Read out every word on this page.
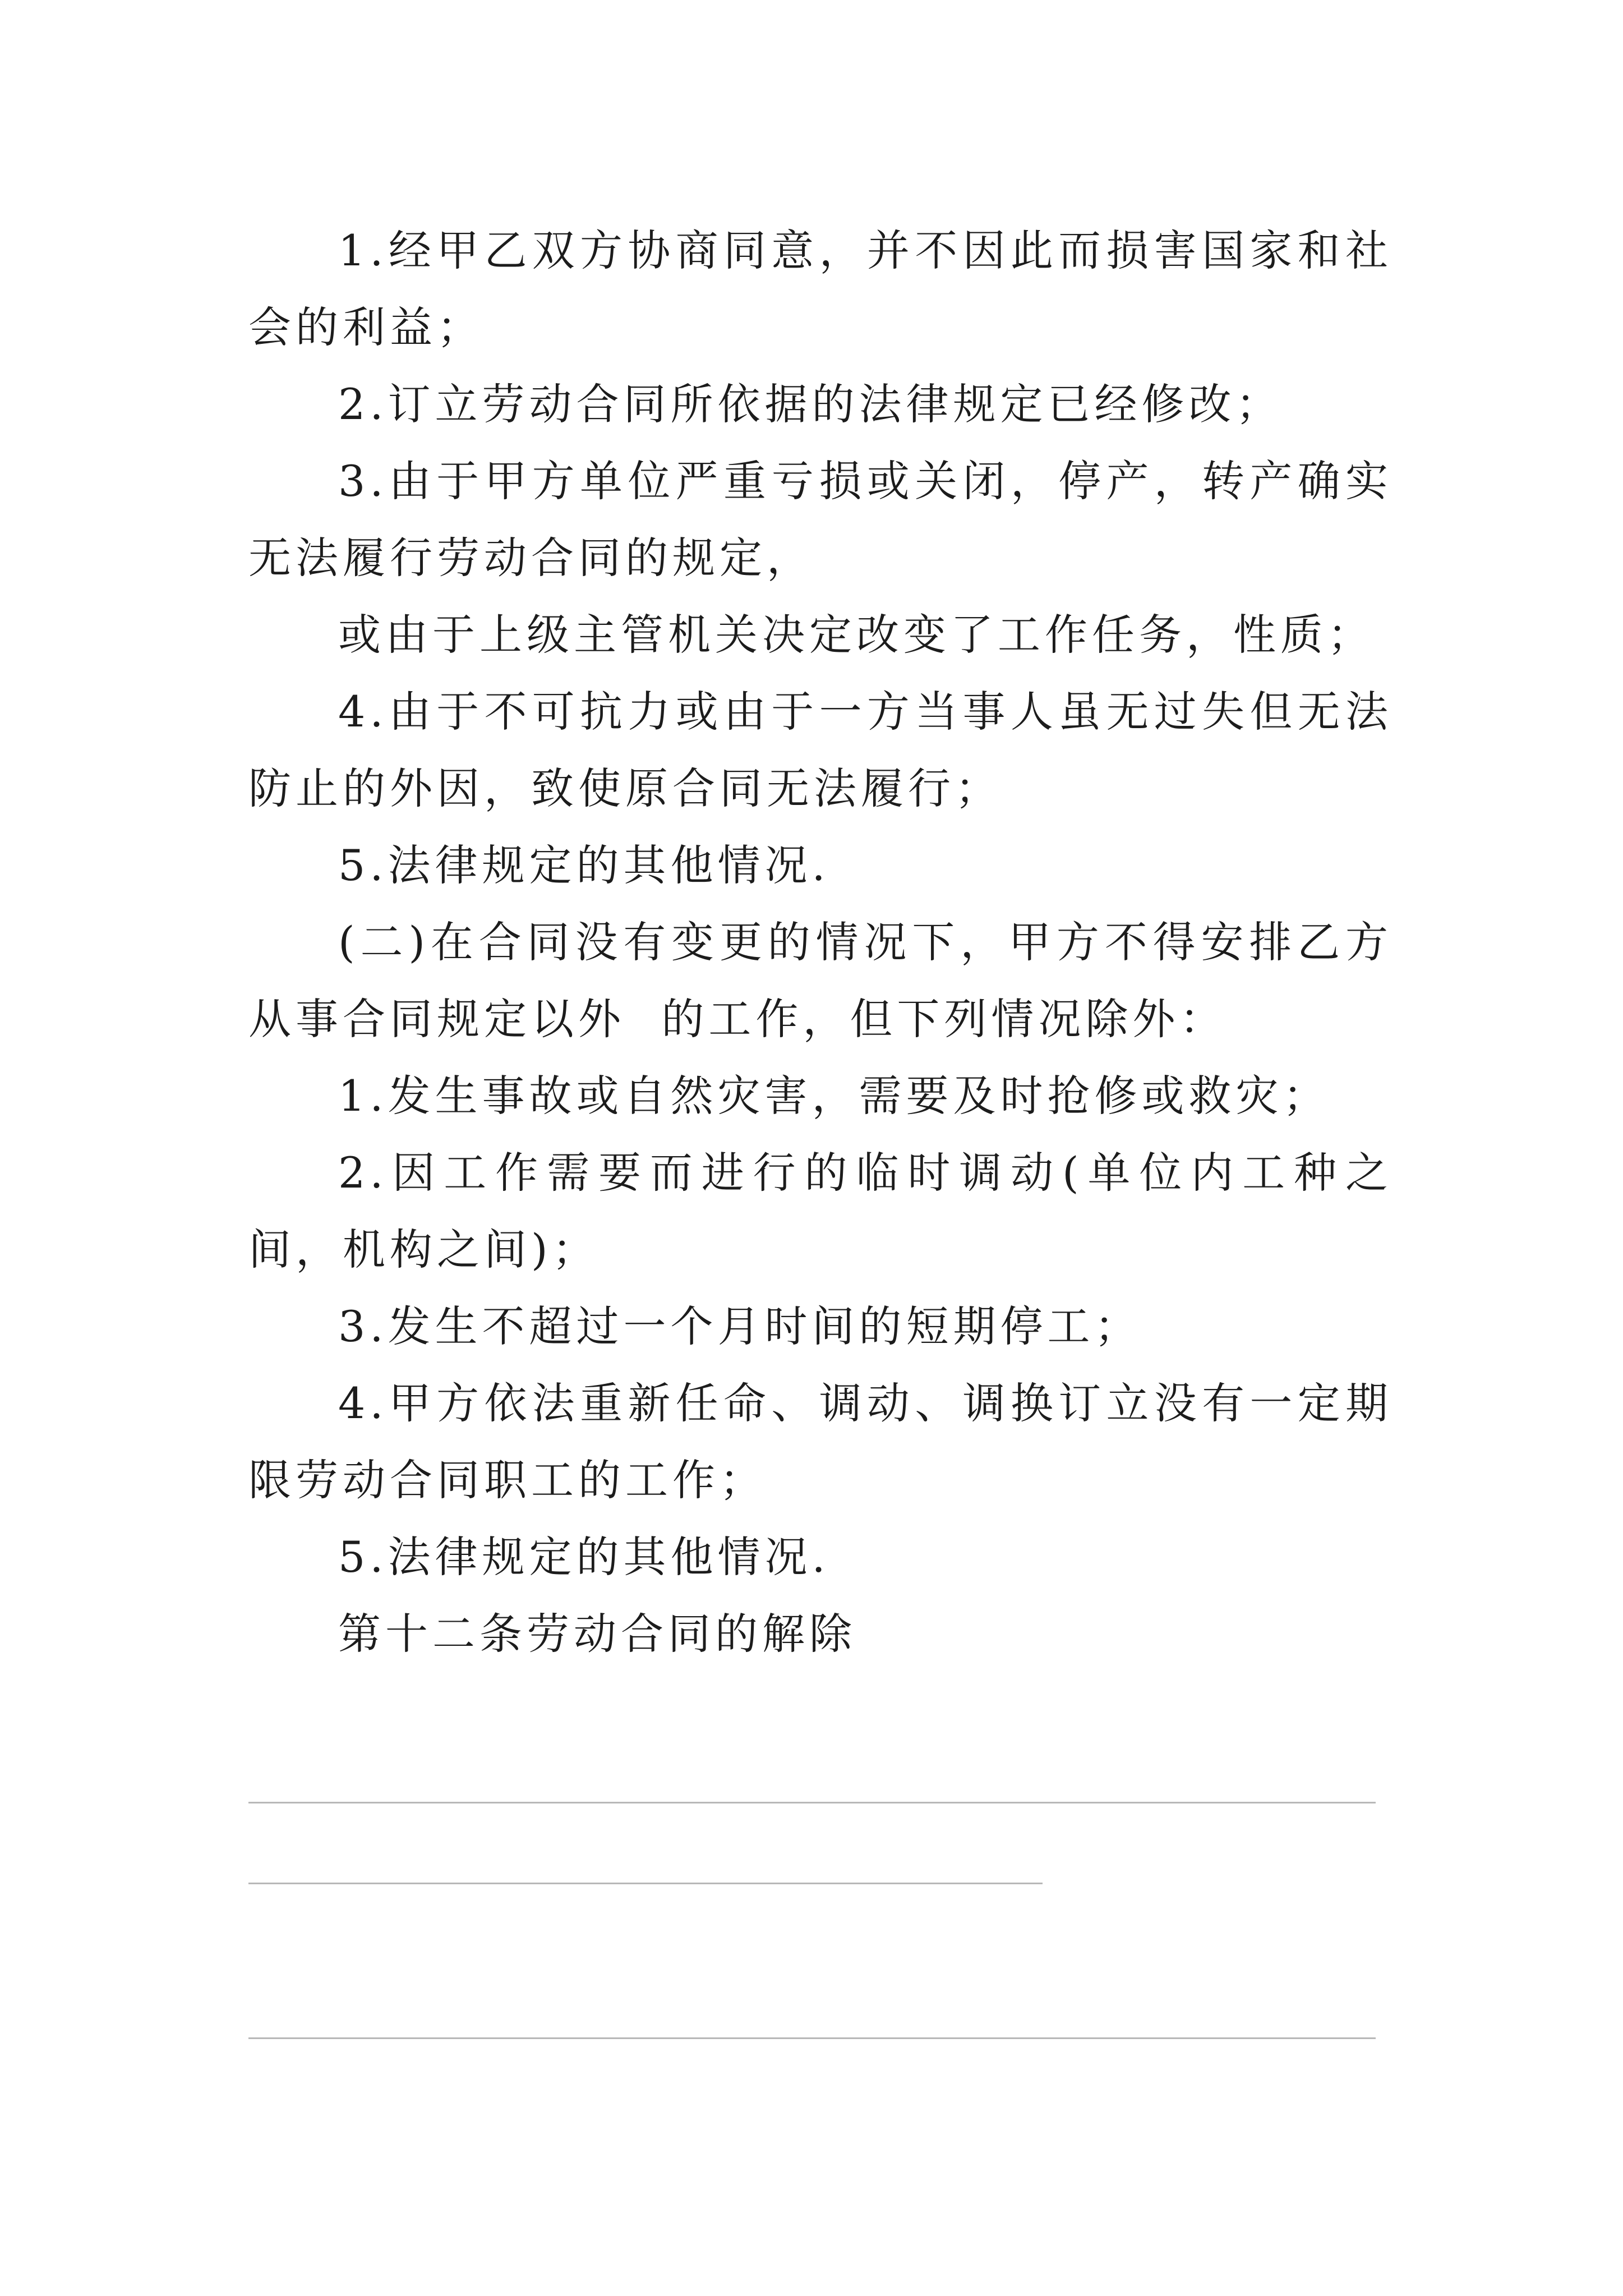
1.经甲乙双方协商同意，并不因此而损害国家和社会的利益；

2.订立劳动合同所依据的法律规定已经修改；

3.由于甲方单位严重亏损或关闭，停产，转产确实无法履行劳动合同的规定，

或由于上级主管机关决定改变了工作任务，性质；

4.由于不可抗力或由于一方当事人虽无过失但无法防止的外因，致使原合同无法履行；

5.法律规定的其他情况.

(二)在合同没有变更的情况下，甲方不得安排乙方从事合同规定以外  的工作，但下列情况除外：

1.发生事故或自然灾害，需要及时抢修或救灾；

2.因工作需要而进行的临时调动(单位内工种之间，机构之间)；

3.发生不超过一个月时间的短期停工；

4.甲方依法重新任命、调动、调换订立没有一定期限劳动合同职工的工作；

5.法律规定的其他情况.

第十二条劳动合同的解除
